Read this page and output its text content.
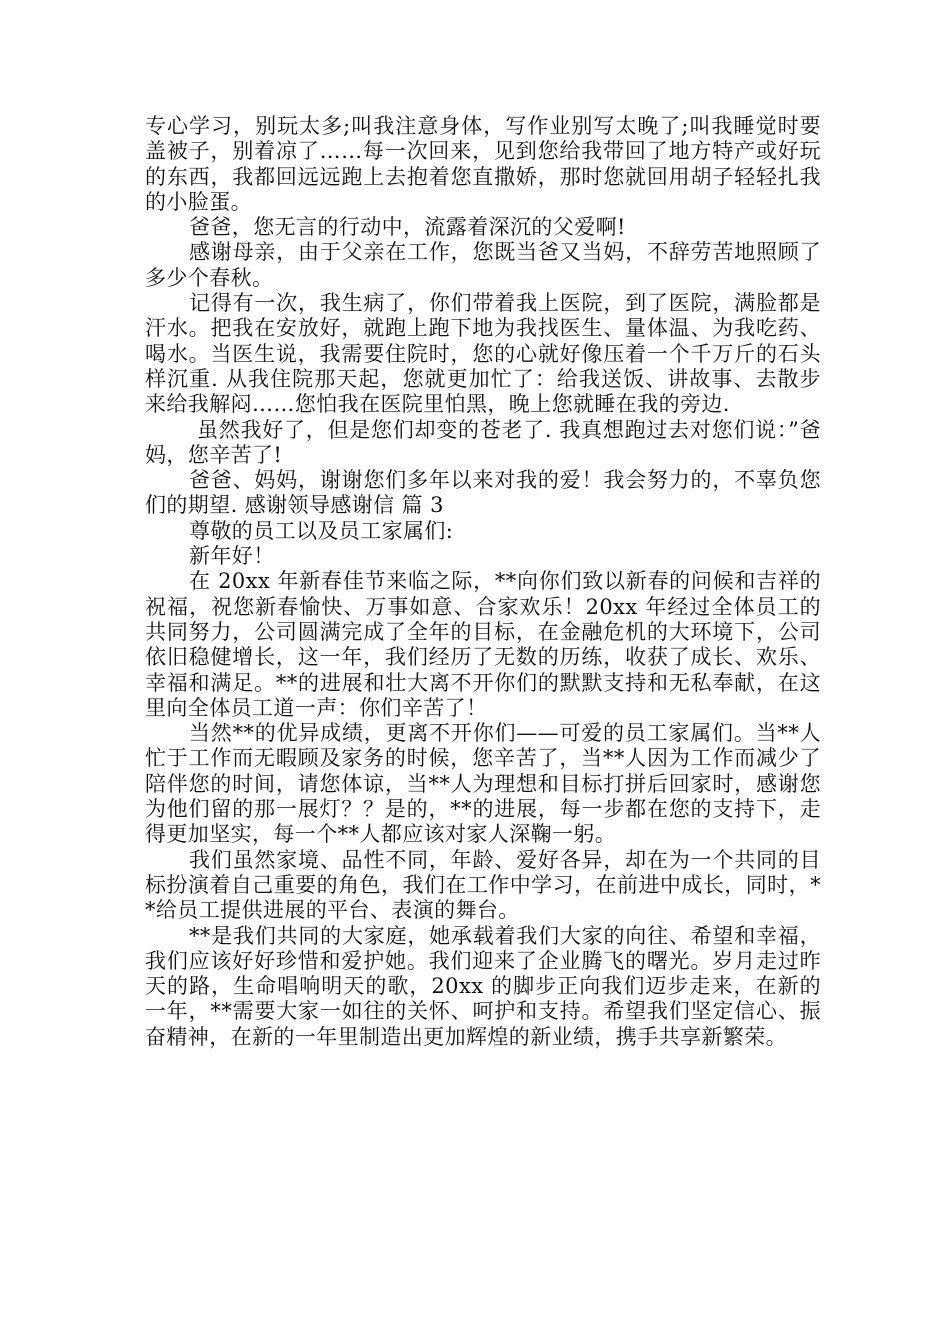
专心学习，别玩太多;叫我注意身体，写作业别写太晚了;叫我睡觉时要盖被子，别着凉了……每一次回来，见到您给我带回了地方特产或好玩的东西，我都回远远跑上去抱着您直撒娇，那时您就回用胡子轻轻扎我的小脸蛋。

爸爸，您无言的行动中，流露着深沉的父爱啊!

感谢母亲，由于父亲在工作，您既当爸又当妈，不辞劳苦地照顾了多少个春秋。

记得有一次，我生病了，你们带着我上医院，到了医院，满脸都是汗水。把我在安放好，就跑上跑下地为我找医生、量体温、为我吃药、喝水。当医生说，我需要住院时，您的心就好像压着一个千万斤的石头样沉重. 从我住院那天起，您就更加忙了：给我送饭、讲故事、去散步来给我解闷……您怕我在医院里怕黑，晚上您就睡在我的旁边.

虽然我好了，但是您们却变的苍老了. 我真想跑过去对您们说：”爸妈，您辛苦了!

爸爸、妈妈，谢谢您们多年以来对我的爱！我会努力的，不辜负您们的期望. 感谢领导感谢信 篇 3

尊敬的员工以及员工家属们:

新年好！

在 20xx 年新春佳节来临之际，**向你们致以新春的问候和吉祥的祝福，祝您新春愉快、万事如意、合家欢乐！20xx 年经过全体员工的共同努力，公司圆满完成了全年的目标，在金融危机的大环境下，公司依旧稳健增长，这一年，我们经历了无数的历练，收获了成长、欢乐、幸福和满足。**的进展和壮大离不开你们的默默支持和无私奉献，在这里向全体员工道一声：你们辛苦了！

当然**的优异成绩，更离不开你们——可爱的员工家属们。当**人忙于工作而无暇顾及家务的时候，您辛苦了，当**人因为工作而减少了陪伴您的时间，请您体谅，当**人为理想和目标打拼后回家时，感谢您为他们留的那一展灯？？是的，**的进展，每一步都在您的支持下，走得更加坚实，每一个**人都应该对家人深鞠一躬。

我们虽然家境、品性不同，年龄、爱好各异，却在为一个共同的目标扮演着自己重要的角色，我们在工作中学习，在前进中成长，同时，**给员工提供进展的平台、表演的舞台。

**是我们共同的大家庭，她承载着我们大家的向往、希望和幸福，我们应该好好珍惜和爱护她。我们迎来了企业腾飞的曙光。岁月走过昨天的路，生命唱响明天的歌，20xx 的脚步正向我们迈步走来，在新的一年，**需要大家一如往的关怀、呵护和支持。希望我们坚定信心、振奋精神，在新的一年里制造出更加辉煌的新业绩，携手共享新繁荣。
